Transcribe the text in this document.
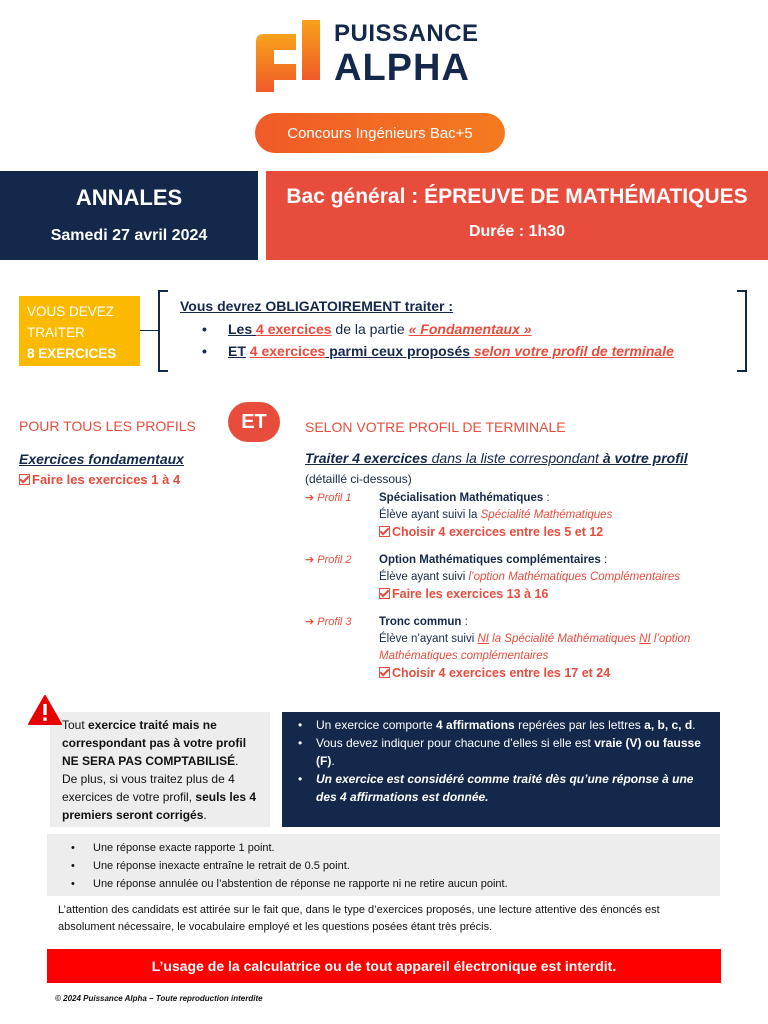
PUISSANCE
ALPHA
Concours Ingénieurs Bac+5
ANNALES
Samedi 27 avril 2024
Bac général : ÉPREUVE DE MATHÉMATIQUES
Durée : 1h30
VOUS DEVEZ
TRAITER
8 EXERCICES
Vous devrez OBLIGATOIREMENT traiter :
• Les 4 exercices de la partie « Fondamentaux »
• ET 4 exercices parmi ceux proposés selon votre profil de terminale
POUR TOUS LES PROFILS	ET	SELON VOTRE PROFIL DE TERMINALE
Exercices fondamentaux
Faire les exercices 1 à 4
Traiter 4 exercices dans la liste correspondant à votre profil
(détaillé ci-dessous)
➔ Profil 1 Spécialisation Mathématiques :
Élève ayant suivi la Spécialité Mathématiques
Choisir 4 exercices entre les 5 et 12
➔ Profil 2 Option Mathématiques complémentaires :
Élève ayant suivi l’option Mathématiques Complémentaires
Faire les exercices 13 à 16
➔ Profil 3 Tronc commun :
Élève n’ayant suivi NI la Spécialité Mathématiques NI l’option Mathématiques complémentaires
Choisir 4 exercices entre les 17 et 24
Tout exercice traité mais ne correspondant pas à votre profil NE SERA PAS COMPTABILISÉ.
De plus, si vous traitez plus de 4 exercices de votre profil, seuls les 4 premiers seront corrigés.
• Un exercice comporte 4 affirmations repérées par les lettres a, b, c, d.
• Vous devez indiquer pour chacune d’elles si elle est vraie (V) ou fausse (F).
• Un exercice est considéré comme traité dès qu’une réponse à une des 4 affirmations est donnée.
• Une réponse exacte rapporte 1 point.
• Une réponse inexacte entraîne le retrait de 0.5 point.
• Une réponse annulée ou l’abstention de réponse ne rapporte ni ne retire aucun point.
L’attention des candidats est attirée sur le fait que, dans le type d’exercices proposés, une lecture attentive des énoncés est absolument nécessaire, le vocabulaire employé et les questions posées étant très précis.
L’usage de la calculatrice ou de tout appareil électronique est interdit.
© 2024 Puissance Alpha – Toute reproduction interdite
